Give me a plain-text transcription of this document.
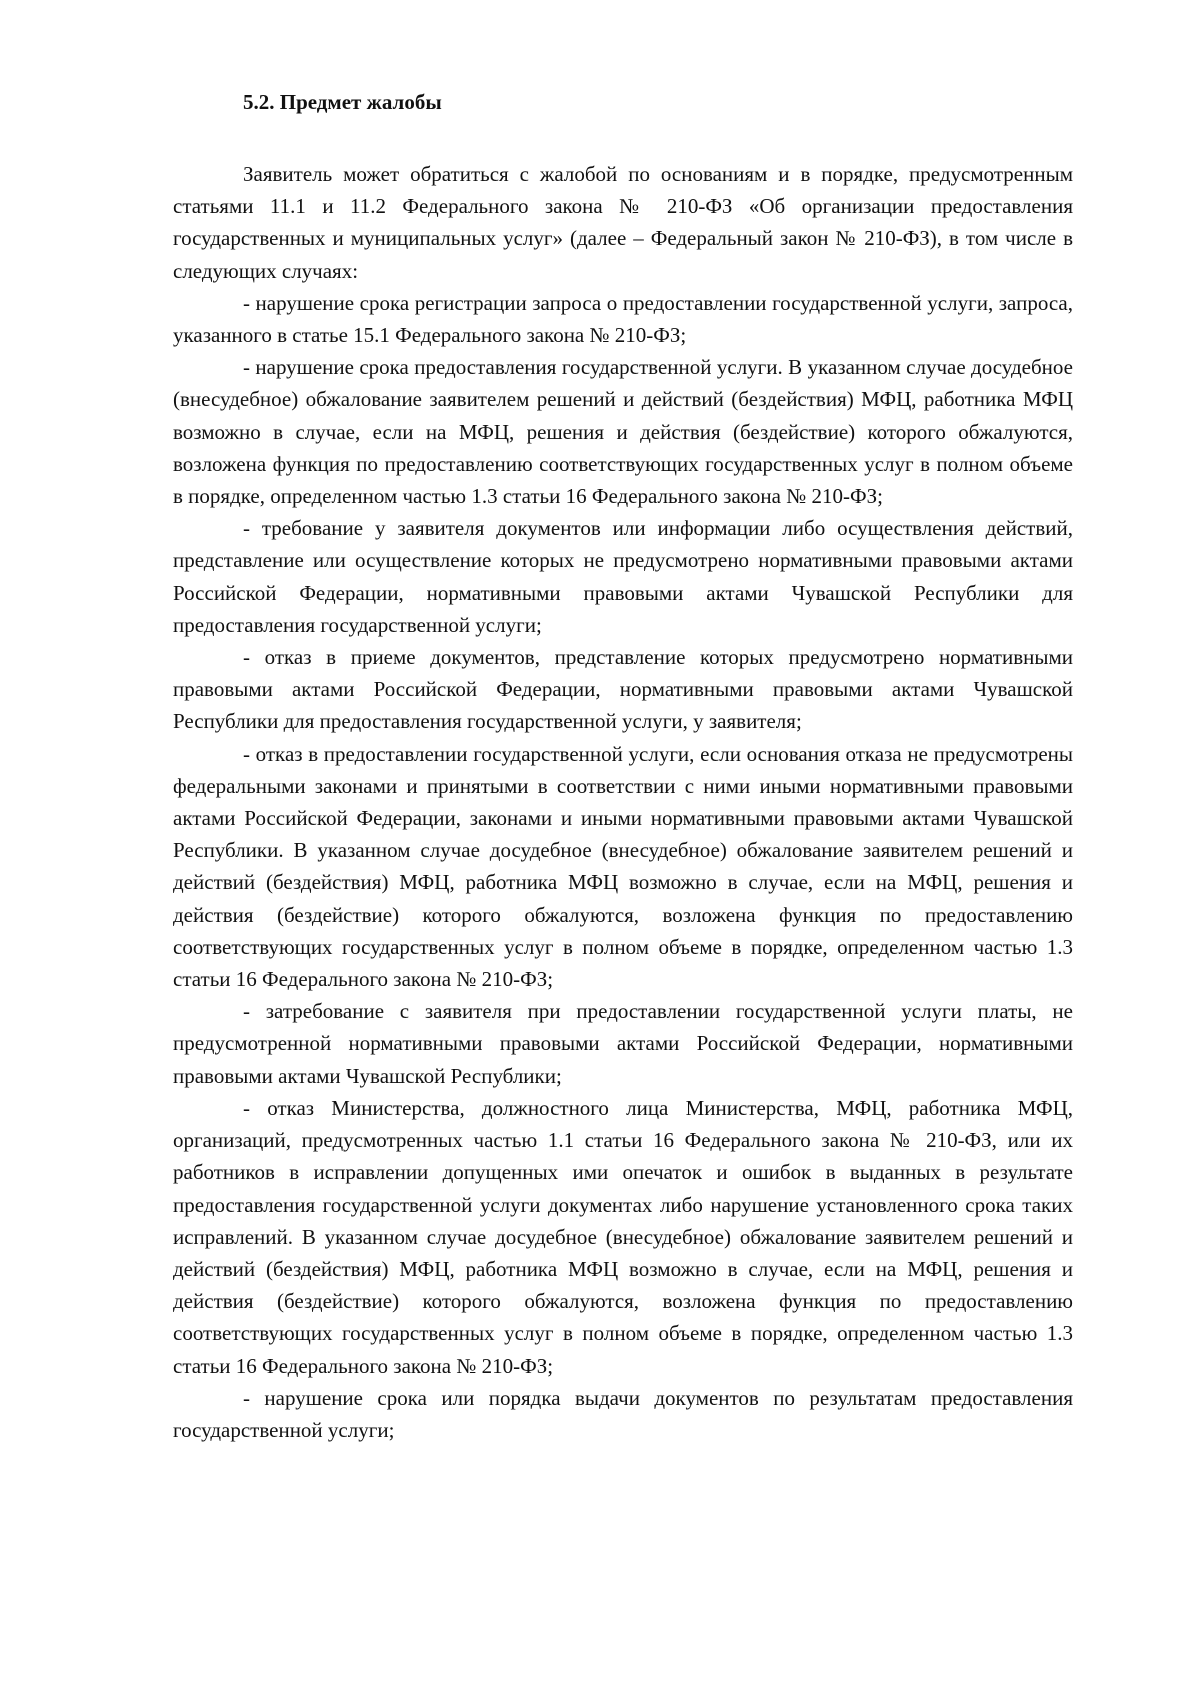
5.2. Предмет жалобы

Заявитель может обратиться с жалобой по основаниям и в порядке, предусмотренным статьями 11.1 и 11.2 Федерального закона № 210-ФЗ «Об организации предоставления государственных и муниципальных услуг» (далее – Федеральный закон № 210-ФЗ), в том числе в следующих случаях:

- нарушение срока регистрации запроса о предоставлении государственной услуги, запроса, указанного в статье 15.1 Федерального закона № 210-ФЗ;

- нарушение срока предоставления государственной услуги. В указанном случае досудебное (внесудебное) обжалование заявителем решений и действий (бездействия) МФЦ, работника МФЦ возможно в случае, если на МФЦ, решения и действия (бездействие) которого обжалуются, возложена функция по предоставлению соответствующих государственных услуг в полном объеме в порядке, определенном частью 1.3 статьи 16 Федерального закона № 210-ФЗ;

- требование у заявителя документов или информации либо осуществления действий, представление или осуществление которых не предусмотрено нормативными правовыми актами Российской Федерации, нормативными правовыми актами Чувашской Республики для предоставления государственной услуги;

- отказ в приеме документов, представление которых предусмотрено нормативными правовыми актами Российской Федерации, нормативными правовыми актами Чувашской Республики для предоставления государственной услуги, у заявителя;

- отказ в предоставлении государственной услуги, если основания отказа не предусмотрены федеральными законами и принятыми в соответствии с ними иными нормативными правовыми актами Российской Федерации, законами и иными нормативными правовыми актами Чувашской Республики. В указанном случае досудебное (внесудебное) обжалование заявителем решений и действий (бездействия) МФЦ, работника МФЦ возможно в случае, если на МФЦ, решения и действия (бездействие) которого обжалуются, возложена функция по предоставлению соответствующих государственных услуг в полном объеме в порядке, определенном частью 1.3 статьи 16 Федерального закона № 210-ФЗ;

- затребование с заявителя при предоставлении государственной услуги платы, не предусмотренной нормативными правовыми актами Российской Федерации, нормативными правовыми актами Чувашской Республики;

- отказ Министерства, должностного лица Министерства, МФЦ, работника МФЦ, организаций, предусмотренных частью 1.1 статьи 16 Федерального закона № 210-ФЗ, или их работников в исправлении допущенных ими опечаток и ошибок в выданных в результате предоставления государственной услуги документах либо нарушение установленного срока таких исправлений. В указанном случае досудебное (внесудебное) обжалование заявителем решений и действий (бездействия) МФЦ, работника МФЦ возможно в случае, если на МФЦ, решения и действия (бездействие) которого обжалуются, возложена функция по предоставлению соответствующих государственных услуг в полном объеме в порядке, определенном частью 1.3 статьи 16 Федерального закона № 210-ФЗ;

- нарушение срока или порядка выдачи документов по результатам предоставления государственной услуги;
